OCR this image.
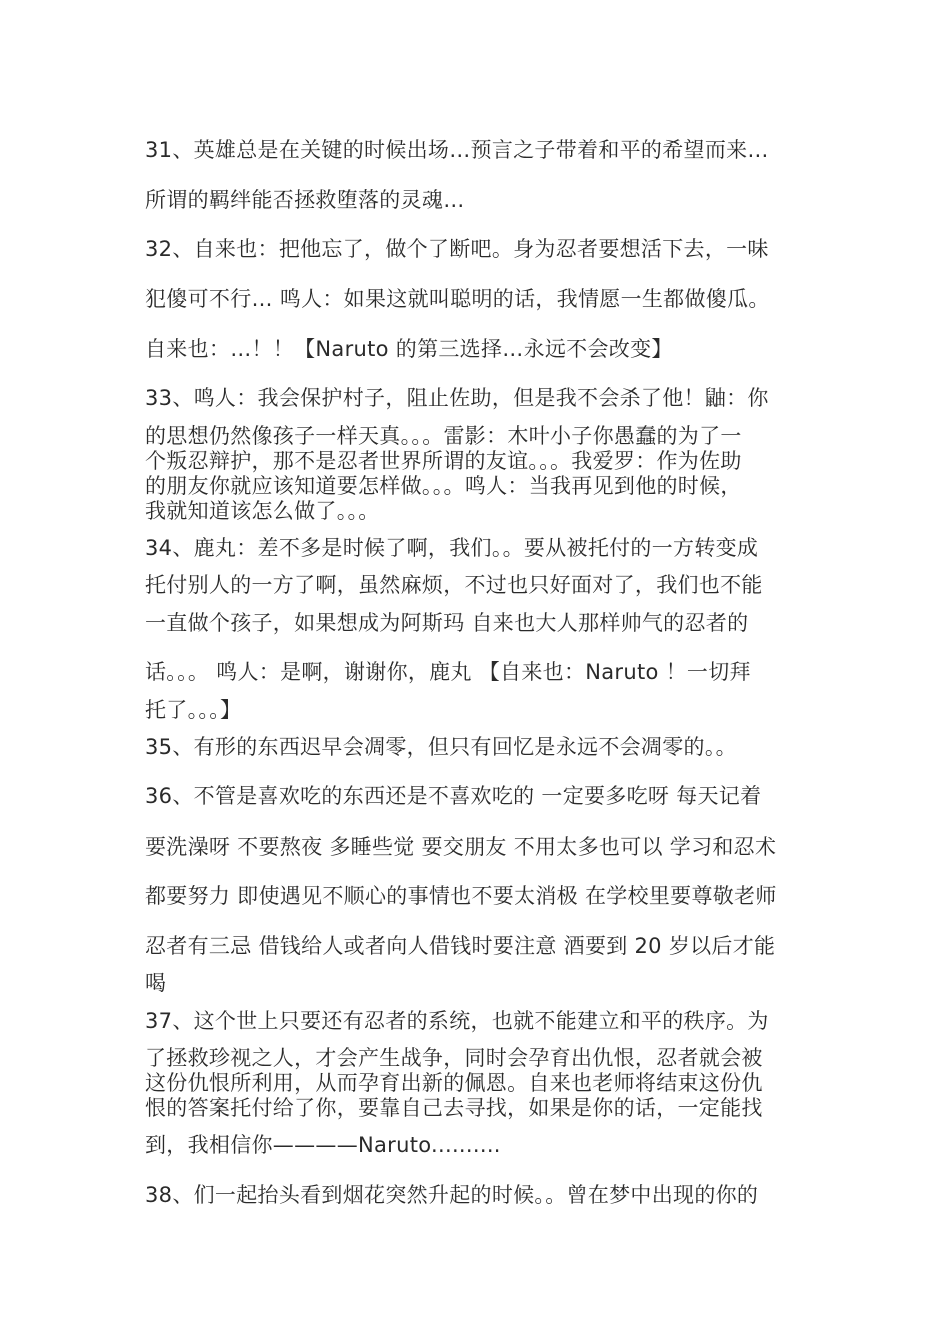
31、英雄总是在关键的时候出场…预言之子带着和平的希望而来…
所谓的羁绊能否拯救堕落的灵魂…
32、自来也：把他忘了，做个了断吧。身为忍者要想活下去，一味
犯傻可不行… 鸣人：如果这就叫聪明的话，我情愿一生都做傻瓜。
自来也：…！！【Naruto 的第三选择…永远不会改变】
33、鸣人：我会保护村子，阻止佐助，但是我不会杀了他！鼬：你
的思想仍然像孩子一样天真。。。雷影：木叶小子你愚蠢的为了一
个叛忍辩护，那不是忍者世界所谓的友谊。。。我爱罗：作为佐助
的朋友你就应该知道要怎样做。。。鸣人：当我再见到他的时候，
我就知道该怎么做了。。。
34、鹿丸：差不多是时候了啊，我们。。要从被托付的一方转变成
托付别人的一方了啊，虽然麻烦，不过也只好面对了，我们也不能
一直做个孩子，如果想成为阿斯玛 自来也大人那样帅气的忍者的
话。。。 鸣人：是啊，谢谢你，鹿丸 【自来也：Naruto ！一切拜
托了。。。】
35、有形的东西迟早会凋零，但只有回忆是永远不会凋零的。。
36、不管是喜欢吃的东西还是不喜欢吃的 一定要多吃呀 每天记着
要洗澡呀 不要熬夜 多睡些觉 要交朋友 不用太多也可以 学习和忍术
都要努力 即使遇见不顺心的事情也不要太消极 在学校里要尊敬老师
忍者有三忌 借钱给人或者向人借钱时要注意 酒要到 20 岁以后才能
喝
37、这个世上只要还有忍者的系统，也就不能建立和平的秩序。为
了拯救珍视之人，才会产生战争，同时会孕育出仇恨，忍者就会被
这份仇恨所利用，从而孕育出新的佩恩。自来也老师将结束这份仇
恨的答案托付给了你，要靠自己去寻找，如果是你的话，一定能找
到，我相信你————Naruto..........
38、们一起抬头看到烟花突然升起的时候。。曾在梦中出现的你的
